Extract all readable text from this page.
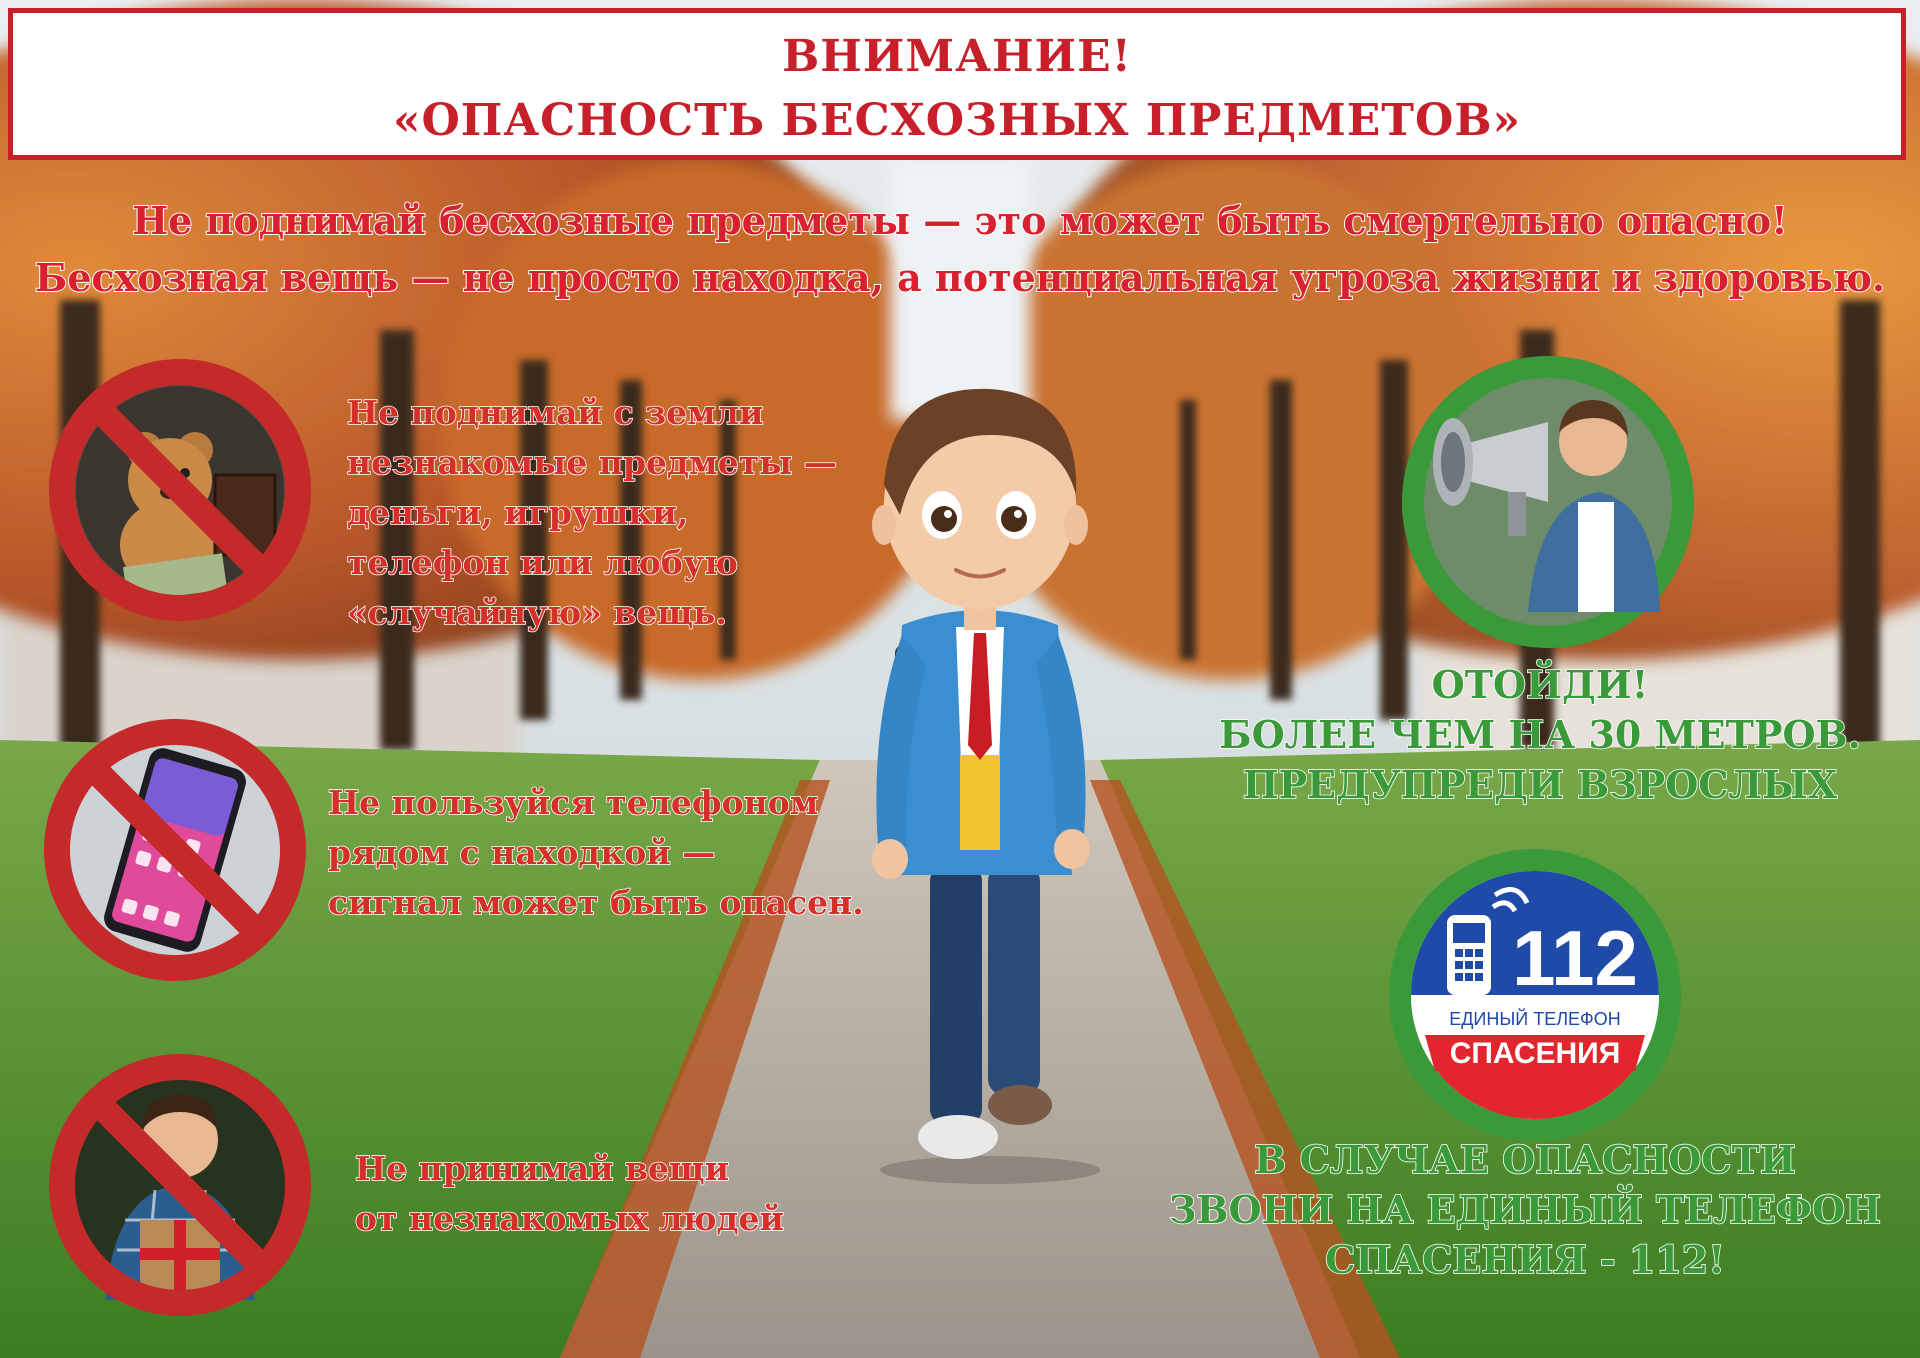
ВНИМАНИЕ!
«ОПАСНОСТЬ БЕСХОЗНЫХ ПРЕДМЕТОВ»
Не поднимай бесхозные предметы — это может быть смертельно опасно!
Бесхозная вещь — не просто находка, а потенциальная угроза жизни и здоровью.
Не поднимай с земли
незнакомые предметы —
деньги, игрушки,
телефон или любую
«случайную» вещь.
Не пользуйся телефоном
рядом с находкой —
сигнал может быть опасен.
Не принимай вещи
от незнакомых людей
112
ЕДИНЫЙ ТЕЛЕФОН
СПАСЕНИЯ
ОТОЙДИ!
БОЛЕЕ ЧЕМ НА 30 МЕТРОВ.
ПРЕДУПРЕДИ ВЗРОСЛЫХ
В СЛУЧАЕ ОПАСНОСТИ
ЗВОНИ НА ЕДИНЫЙ ТЕЛЕФОН
СПАСЕНИЯ - 112!
